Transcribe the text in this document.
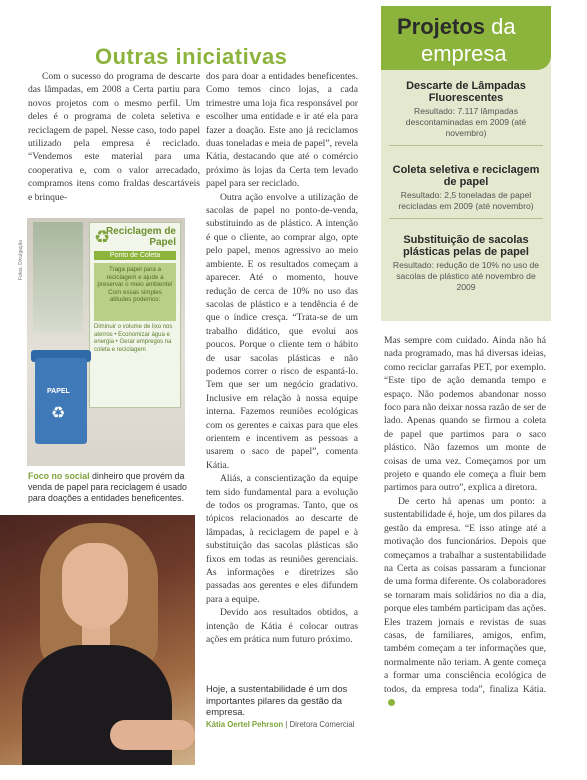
Outras iniciativas
Projetos da
empresa
Descarte de Lâmpadas Fluorescentes
Resultado: 7.117 lâmpadas descontaminadas em 2009 (até novembro)
Coleta seletiva e reciclagem de papel
Resultado: 2,5 toneladas de papel recicladas em 2009 (até novembro)
Substituição de sacolas plásticas pelas de papel
Resultado: redução de 10% no uso de sacolas de plástico até novembro de 2009

Com o sucesso do programa de descarte das lâmpadas, em 2008 a Certa partiu para novos projetos com o mesmo perfil. Um deles é o programa de coleta seletiva e reciclagem de papel. Nesse caso, todo papel utilizado pela empresa é reciclado. “Vendemos este material para uma cooperativa e, com o valor arrecadado, compramos itens como fraldas descartáveis e brinque-

dos para doar a entidades beneficentes. Como temos cinco lojas, a cada trimestre uma loja fica responsável por escolher uma entidade e ir até ela para fazer a doação. Este ano já reciclamos duas toneladas e meia de papel”, revela Kátia, destacando que até o comércio próximo às lojas da Certa tem levado papel para ser reciclado.

Outra ação envolve a utilização de sacolas de papel no ponto-de-venda, substituindo as de plástico. A intenção é que o cliente, ao comprar algo, opte pelo papel, menos agressivo ao meio ambiente. E os resultados começam a aparecer. Até o momento, houve redução de cerca de 10% no uso das sacolas de plástico e a tendência é de que o índice cresça. “Trata-se de um trabalho didático, que evolui aos poucos. Porque o cliente tem o hábito de usar sacolas plásticas e não podemos correr o risco de espantá-lo. Tem que ser um negócio gradativo. Inclusive em relação à nossa equipe interna. Fazemos reuniões ecológicas com os gerentes e caixas para que eles orientem e incentivem as pessoas a usarem o saco de papel”, comenta Kátia.

Aliás, a conscientização da equipe tem sido fundamental para a evolução de todos os programas. Tanto, que os tópicos relacionados ao descarte de lâmpadas, à reciclagem de papel e à substituição das sacolas plásticas são fixos em todas as reuniões gerenciais. As informações e diretrizes são passadas aos gerentes e eles difundem para a equipe.

Devido aos resultados obtidos, a intenção de Kátia é colocar outras ações em prática num futuro próximo.

Mas sempre com cuidado. Ainda não há nada programado, mas há diversas ideias, como reciclar garrafas PET, por exemplo. “Este tipo de ação demanda tempo e espaço. Não podemos abandonar nosso foco para não deixar nossa razão de ser de lado. Apenas quando se firmou a coleta de papel que partimos para o saco plástico. Não fazemos um monte de coisas de uma vez. Começamos por um projeto e quando ele começa a fluir bem partimos para outro”, explica a diretora.

De certo há apenas um ponto: a sustentabilidade é, hoje, um dos pilares da gestão da empresa. “E isso atinge até a motivação dos funcionários. Depois que começamos a trabalhar a sustentabilidade na Certa as coisas passaram a funcionar de uma forma diferente. Os colaboradores se tornaram mais solidários no dia a dia, porque eles também participam das ações. Eles trazem jornais e revistas de suas casas, de familiares, amigos, enfim, também começam a ter informações que, normalmente não teriam. A gente começa a formar uma consciência ecológica de todos, da empresa toda”, finaliza Kátia.

Fotos: Divulgação
♻
Reciclagem de Papel
Ponto de Coleta
Traga papel para a reciclagem e ajude a preservar o meio ambiente! Com essas simples atitudes podemos:
Diminuir o volume de lixo nos aterros • Economizar água e energia • Gerar empregos na coleta e reciclagem
PAPEL
♻
Foco no social dinheiro que provém da venda de papel para reciclagem é usado para doações a entidades beneficentes.
Hoje, a sustentabilidade é um dos importantes pilares da gestão da empresa.
Kátia Oertel Pehrson | Diretora Comercial
